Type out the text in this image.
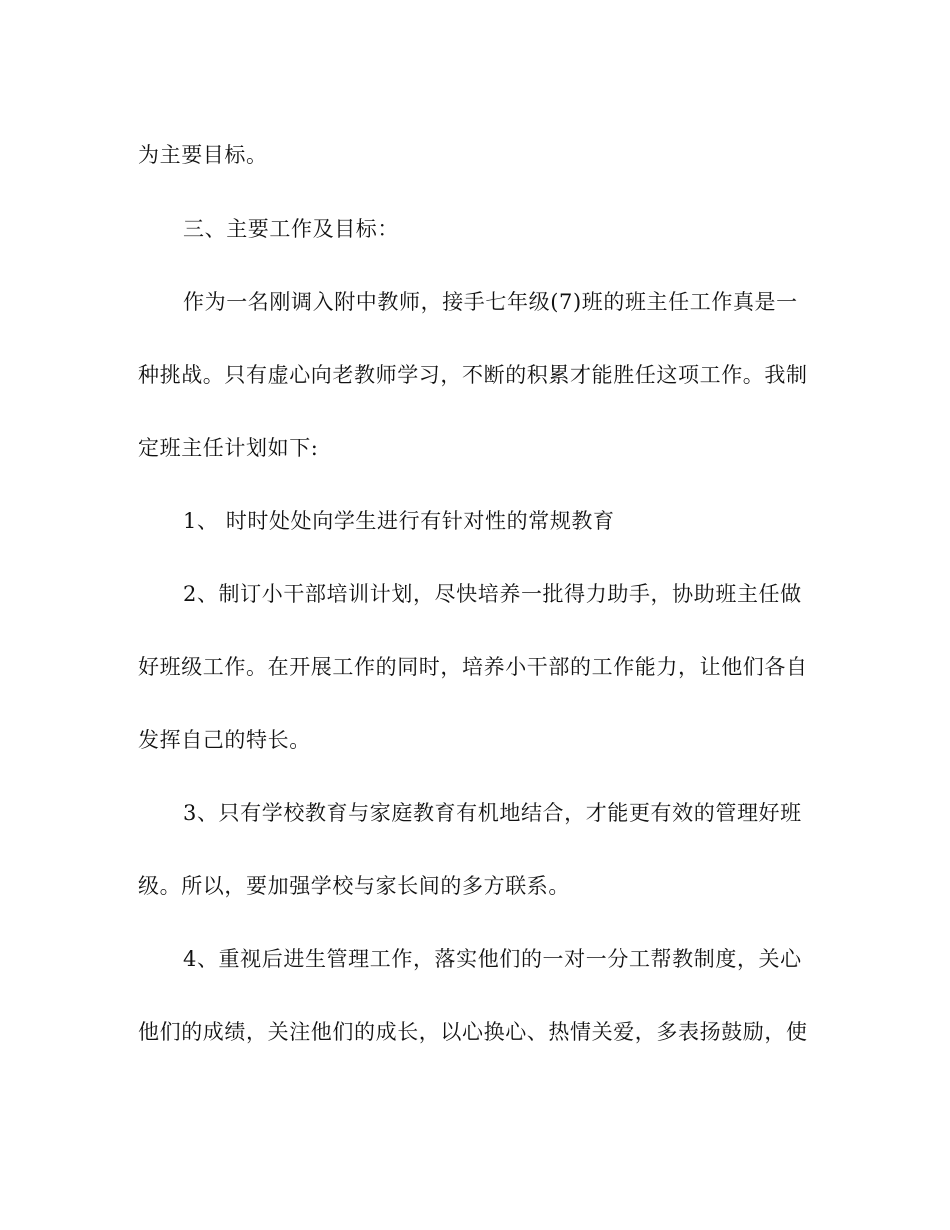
为主要目标。
三、主要工作及目标：
作为一名刚调入附中教师，接手七年级(7)班的班主任工作真是一
种挑战。只有虚心向老教师学习，不断的积累才能胜任这项工作。我制
定班主任计划如下:
1、 时时处处向学生进行有针对性的常规教育
2、制订小干部培训计划，尽快培养一批得力助手，协助班主任做
好班级工作。在开展工作的同时，培养小干部的工作能力，让他们各自
发挥自己的特长。
3、只有学校教育与家庭教育有机地结合，才能更有效的管理好班
级。所以，要加强学校与家长间的多方联系。
4、重视后进生管理工作，落实他们的一对一分工帮教制度，关心
他们的成绩，关注他们的成长，以心换心、热情关爱，多表扬鼓励，使
